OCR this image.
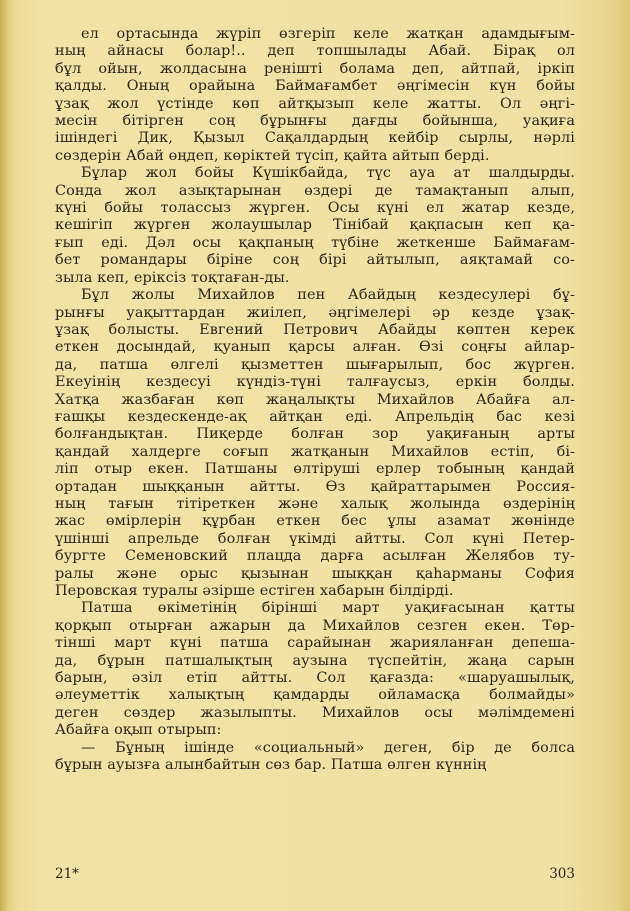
ел ортасында жүріп өзгеріп келе жатқан адамдығым-
ның айнасы болар!.. деп топшылады Абай. Бірақ ол
бұл ойын, жолдасына реніштi болама деп, айтпай, іркіп
қалды. Оның орайына Баймағамбет әңгімесін күн бойы
ұзақ жол үстінде көп айтқызып келе жатты. Ол әңгі-
месін бітірген соң бұрынғы дағды бойынша, уақиға
ішіндегі Дик, Қызыл Сақалдардың кейбір сырлы, нәрлі
сөздерін Абай өңдеп, көріктей түсіп, қайта айтып берді.
Бұлар жол бойы Күшікбайда, түс ауа ат шалдырды.
Сонда жол азықтарынан өздері де тамақтанып алып,
күні бойы толассыз жүрген. Осы күні ел жатар кезде,
кешігіп жүрген жолаушылар Тінібай қақпасын кеп қа-
ғып еді. Дәл осы қақпаның түбіне жеткенше Баймағам-
бет романдары біріне соң бірі айтылып, аяқтамай со-
зыла кеп, еріксіз тоқтаған-ды.
Бұл жолы Михайлов пен Абайдың кездесулері бұ-
рынғы уақыттардан жиілеп, әңгімелері әр кезде ұзақ-
ұзақ болысты. Евгений Петрович Абайды көптен керек
еткен досындай, қуанып қарсы алған. Өзі соңғы айлар-
да, патша өлгелі қызметтен шығарылып, бос жүрген.
Екеуінің кездесуі күндіз-түні талғаусыз, еркін болды.
Хатқа жазбаған көп жаңалықты Михайлов Абайға ал-
ғашқы кездескенде-ақ айтқан еді. Апрельдің бас кезі
болғандықтан. Пиқерде болған зор уақиғаның арты
қандай халдерге соғып жатқанын Михайлов естіп, бі-
ліп отыр екен. Патшаны өлтіруші ерлер тобының қандай
ортадан шыққанын айтты. Өз қайраттарымен Россия-
ның тағын тітіреткен және халық жолында өздерінің
жас өмірлерін құрбан еткен бес ұлы азамат жөнінде
үшінші апрельде болған үкімді айтты. Сол күні Петер-
бургте Семеновский плацда дарға асылған Желябов ту-
ралы және орыс қызынан шыққан қаһарманы София
Перовская туралы әзірше естіген хабарын білдірді.
Патша өкіметінің бірінші март уақиғасынан қатты
қорқып отырған ажарын да Михайлов сезген екен. Төр-
тінші март күні патша сарайынан жарияланған депеша-
да, бұрын патшалықтың аузына түспейтін, жаңа сарын
барын, әзіл етіп айтты. Сол қағазда: «шаруашылық,
әлеуметтік халықтың қамдарды ойламасқа болмайды»
деген сөздер жазылыпты. Михайлов осы мәлімдемені
Абайға оқып отырып:
— Бұның ішінде «социальный» деген, бір де болса
бұрын ауызға алынбайтын сөз бар. Патша өлген күннің
21*	303
